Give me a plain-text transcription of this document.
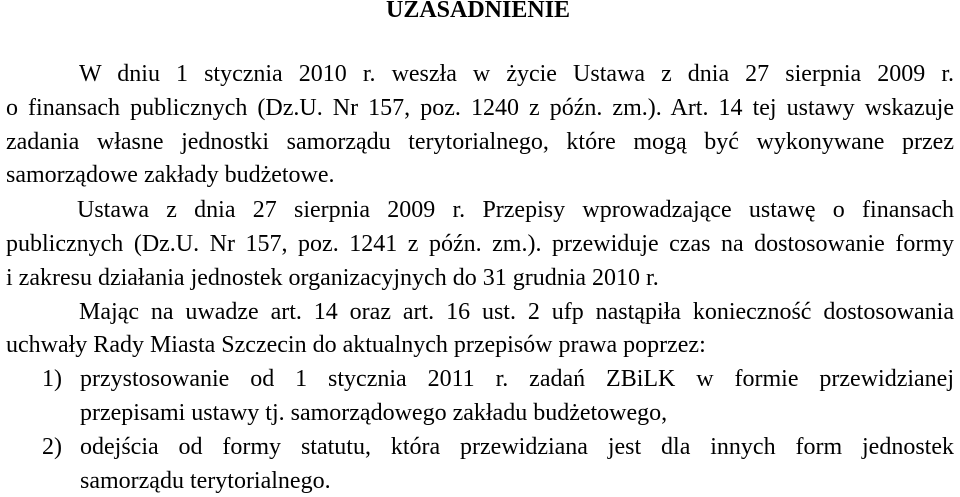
UZASADNIENIE
W dniu 1 stycznia 2010 r. weszła w życie Ustawa z dnia 27 sierpnia 2009 r.
o finansach publicznych (Dz.U. Nr 157, poz. 1240 z późn. zm.). Art. 14 tej ustawy wskazuje
zadania własne jednostki samorządu terytorialnego, które mogą być wykonywane przez
samorządowe zakłady budżetowe.
Ustawa z dnia 27 sierpnia 2009 r. Przepisy wprowadzające ustawę o finansach
publicznych (Dz.U. Nr 157, poz. 1241 z późn. zm.). przewiduje czas na dostosowanie formy
i zakresu działania jednostek organizacyjnych do 31 grudnia 2010 r.
Mając na uwadze art. 14 oraz art. 16 ust. 2 ufp nastąpiła konieczność dostosowania
uchwały Rady Miasta Szczecin do aktualnych przepisów prawa poprzez:
1) przystosowanie od 1 stycznia 2011 r. zadań ZBiLK w formie przewidzianej
przepisami ustawy tj. samorządowego zakładu budżetowego,
2) odejścia od formy statutu, która przewidziana jest dla innych form jednostek
samorządu terytorialnego.
